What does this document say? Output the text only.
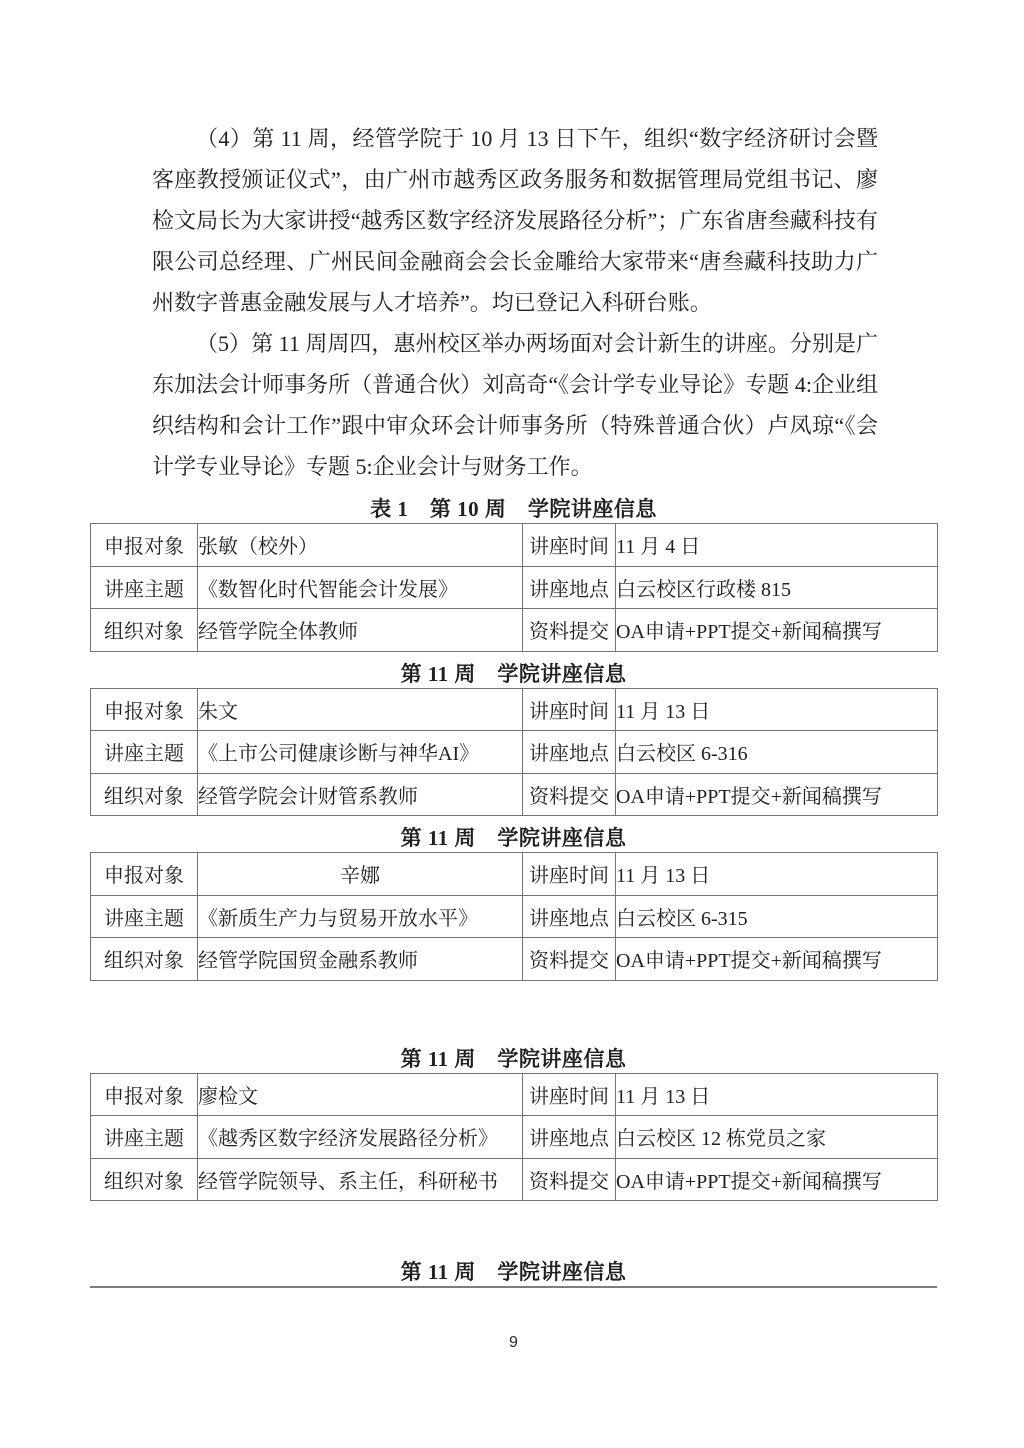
（4）第 11 周，经管学院于 10 月 13 日下午，组织“数字经济研讨会暨客座教授颁证仪式”，由广州市越秀区政务服务和数据管理局党组书记、廖检文局长为大家讲授“越秀区数字经济发展路径分析”；广东省唐叁藏科技有限公司总经理、广州民间金融商会会长金雕给大家带来“唐叁藏科技助力广州数字普惠金融发展与人才培养”。均已登记入科研台账。

（5）第 11 周周四，惠州校区举办两场面对会计新生的讲座。分别是广东加法会计师事务所（普通合伙）刘高奇“《会计学专业导论》专题 4:企业组织结构和会计工作”跟中审众环会计师事务所（特殊普通合伙）卢凤琼“《会计学专业导论》专题 5:企业会计与财务工作。

表 1　第 10 周　学院讲座信息
申报对象	张敏（校外）	讲座时间	11 月 4 日
讲座主题	《数智化时代智能会计发展》	讲座地点	白云校区行政楼 815
组织对象	经管学院全体教师	资料提交	OA申请+PPT提交+新闻稿撰写
第 11 周　学院讲座信息
申报对象	朱文	讲座时间	11 月 13 日
讲座主题	《上市公司健康诊断与神华AI》	讲座地点	白云校区 6-316
组织对象	经管学院会计财管系教师	资料提交	OA申请+PPT提交+新闻稿撰写
第 11 周　学院讲座信息
申报对象	辛娜	讲座时间	11 月 13 日
讲座主题	《新质生产力与贸易开放水平》	讲座地点	白云校区 6-315
组织对象	经管学院国贸金融系教师	资料提交	OA申请+PPT提交+新闻稿撰写
第 11 周　学院讲座信息
申报对象	廖检文	讲座时间	11 月 13 日
讲座主题	《越秀区数字经济发展路径分析》	讲座地点	白云校区 12 栋党员之家
组织对象	经管学院领导、系主任，科研秘书	资料提交	OA申请+PPT提交+新闻稿撰写
第 11 周　学院讲座信息
9
